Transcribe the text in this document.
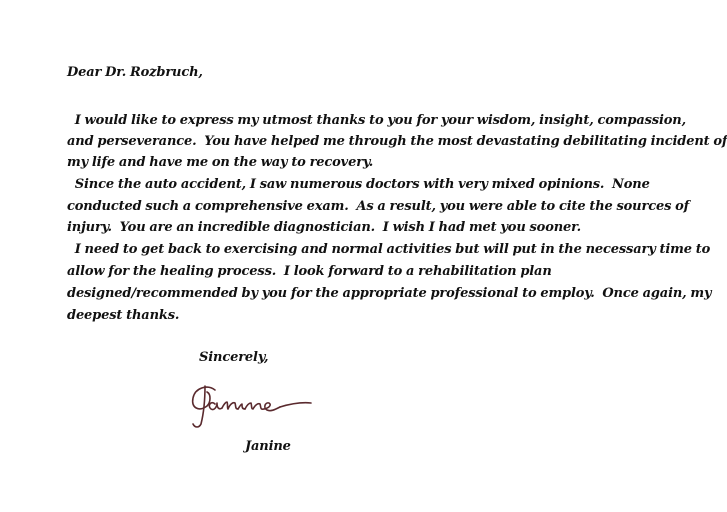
Dear Dr. Rozbruch,
I would like to express my utmost thanks to you for your wisdom, insight, compassion,
and perseverance.  You have helped me through the most devastating debilitating incident of
my life and have me on the way to recovery.
Since the auto accident, I saw numerous doctors with very mixed opinions.  None
conducted such a comprehensive exam.  As a result, you were able to cite the sources of
injury.  You are an incredible diagnostician.  I wish I had met you sooner.
I need to get back to exercising and normal activities but will put in the necessary time to
allow for the healing process.  I look forward to a rehabilitation plan
designed/recommended by you for the appropriate professional to employ.  Once again, my
deepest thanks.
Sincerely,
Janine
